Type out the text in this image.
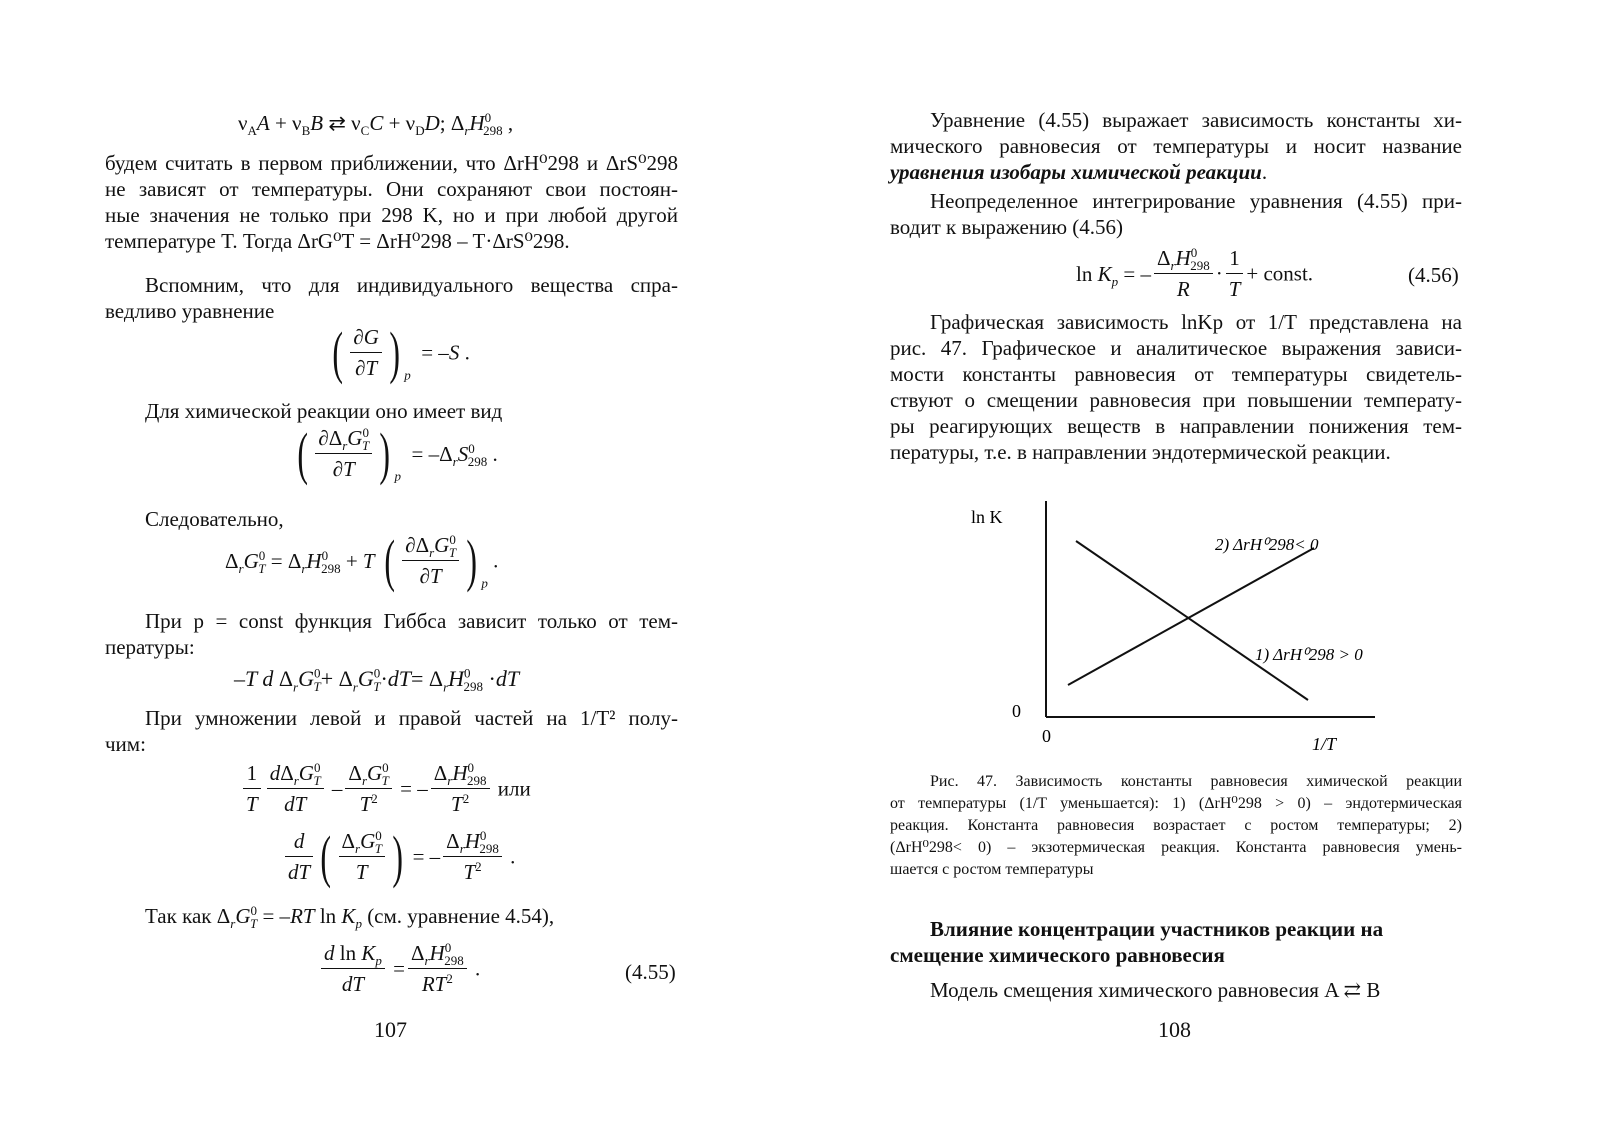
$\nu_AA + \nu_BB$ ⇄ $\nu_CC + \nu_DD$; $\Delta_rH^0_{298}$ ,
будем считать в первом приближении, что ΔrH⁰298 и ΔrS⁰298
не зависят от температуры. Они сохраняют свои постоян-
ные значения не только при 298 K, но и при любой другой
температуре T. Тогда ΔrG⁰T = ΔrH⁰298 – T·ΔrS⁰298.
Вспомним, что для индивидуального вещества спра-
ведливо уравнение
( $\frac{\partial G}{\partial T}$ ) $_p$  = –S .
Для химической реакции оно имеет вид
( $\frac{\partial\Delta_rG^0_T}{\partial T}$ ) $_p = -\Delta_rS^0_{298}$ .
Следовательно,
$\Delta_rG^0_T = \Delta_rH^0_{298} + T$ ( $\frac{\partial\Delta_rG^0_T}{\partial T}$ ) $_p$ .
При p = const функция Гиббса зависит только от тем-
пературы:
–T d $\Delta_rG^0_T+ \Delta_rG^0_T\cdot dT= \Delta_rH^0_{298} \cdot dT$
При умножении левой и правой частей на 1/T² полу-
чим:
$\frac{1}{T} \frac{d\Delta_rG^0_T}{dT} - \frac{\Delta_rG^0_T}{T^2}$ = – $\frac{\Delta_rH^0_{298}}{T^2}$ или
$\frac{d}{dT}$ ( $\frac{\Delta_rG^0_T}{T}$ ) = – $\frac{\Delta_rH^0_{298}}{T^2}$ .
Так как $\Delta_rG^0_T = -RT$ $\ln K_p$ (см. уравнение 4.54),
$\frac{d \ln K_p}{dT} = \frac{\Delta_rH^0_{298}}{RT^2}$ .	(4.55)
107
Уравнение (4.55) выражает зависимость константы хи-
мического равновесия от температуры и носит название
уравнения изобары химической реакции.
Неопределенное интегрирование уравнения (4.55) при-
водит к выражению (4.56)
$\ln K_p$ = – $\frac{\Delta_rH^0_{298}}{R} \cdot \frac{1}{T}$ + const.	(4.56)
Графическая зависимость lnKp от 1/T представлена на
рис. 47. Графическое и аналитическое выражения зависи-
мости константы равновесия от температуры свидетель-
ствуют о смещении равновесия при повышении температу-
ры реагирующих веществ в направлении понижения тем-
пературы, т.е. в направлении эндотермической реакции.
ln K
1/T
0
0
2) ΔrH⁰298< 0
1) ΔrH⁰298 > 0
Рис. 47. Зависимость константы равновесия химической реакции
от температуры (1/T уменьшается): 1) (ΔrH⁰298 > 0) – эндотермическая
реакция. Константа равновесия возрастает с ростом температуры; 2)
(ΔrH⁰298< 0) – экзотермическая реакция. Константа равновесия умень-
шается с ростом температуры
Влияние концентрации участников реакции на
смещение химического равновесия
Модель смещения химического равновесия A ⇄ B
108
